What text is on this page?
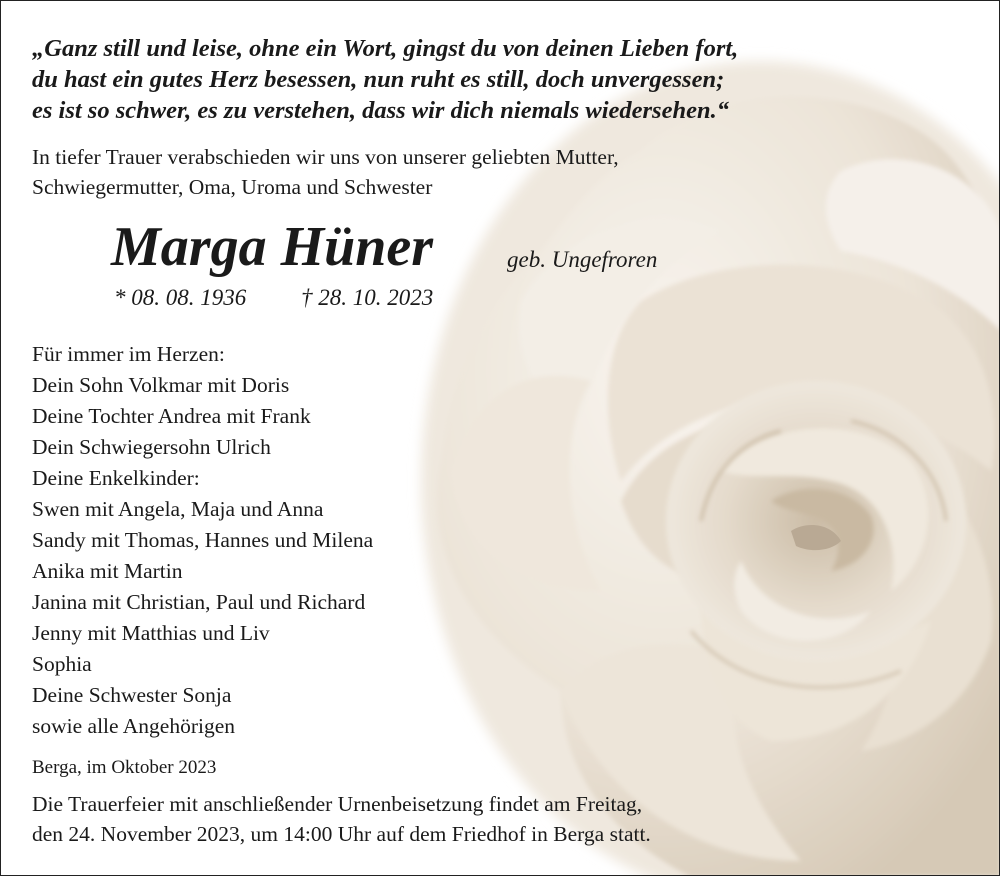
„Ganz still und leise, ohne ein Wort, gingst du von deinen Lieben fort,
du hast ein gutes Herz besessen, nun ruht es still, doch unvergessen;
es ist so schwer, es zu verstehen, dass wir dich niemals wiedersehen.“
In tiefer Trauer verabschieden wir uns von unserer geliebten Mutter,
Schwiegermutter, Oma, Uroma und Schwester
Marga Hüner	geb. Ungefroren
* 08. 08. 1936 † 28. 10. 2023
Für immer im Herzen:
Dein Sohn Volkmar mit Doris
Deine Tochter Andrea mit Frank
Dein Schwiegersohn Ulrich
Deine Enkelkinder:
Swen mit Angela, Maja und Anna
Sandy mit Thomas, Hannes und Milena
Anika mit Martin
Janina mit Christian, Paul und Richard
Jenny mit Matthias und Liv
Sophia
Deine Schwester Sonja
sowie alle Angehörigen
Berga, im Oktober 2023
Die Trauerfeier mit anschließender Urnenbeisetzung findet am Freitag,
den 24. November 2023, um 14:00 Uhr auf dem Friedhof in Berga statt.
